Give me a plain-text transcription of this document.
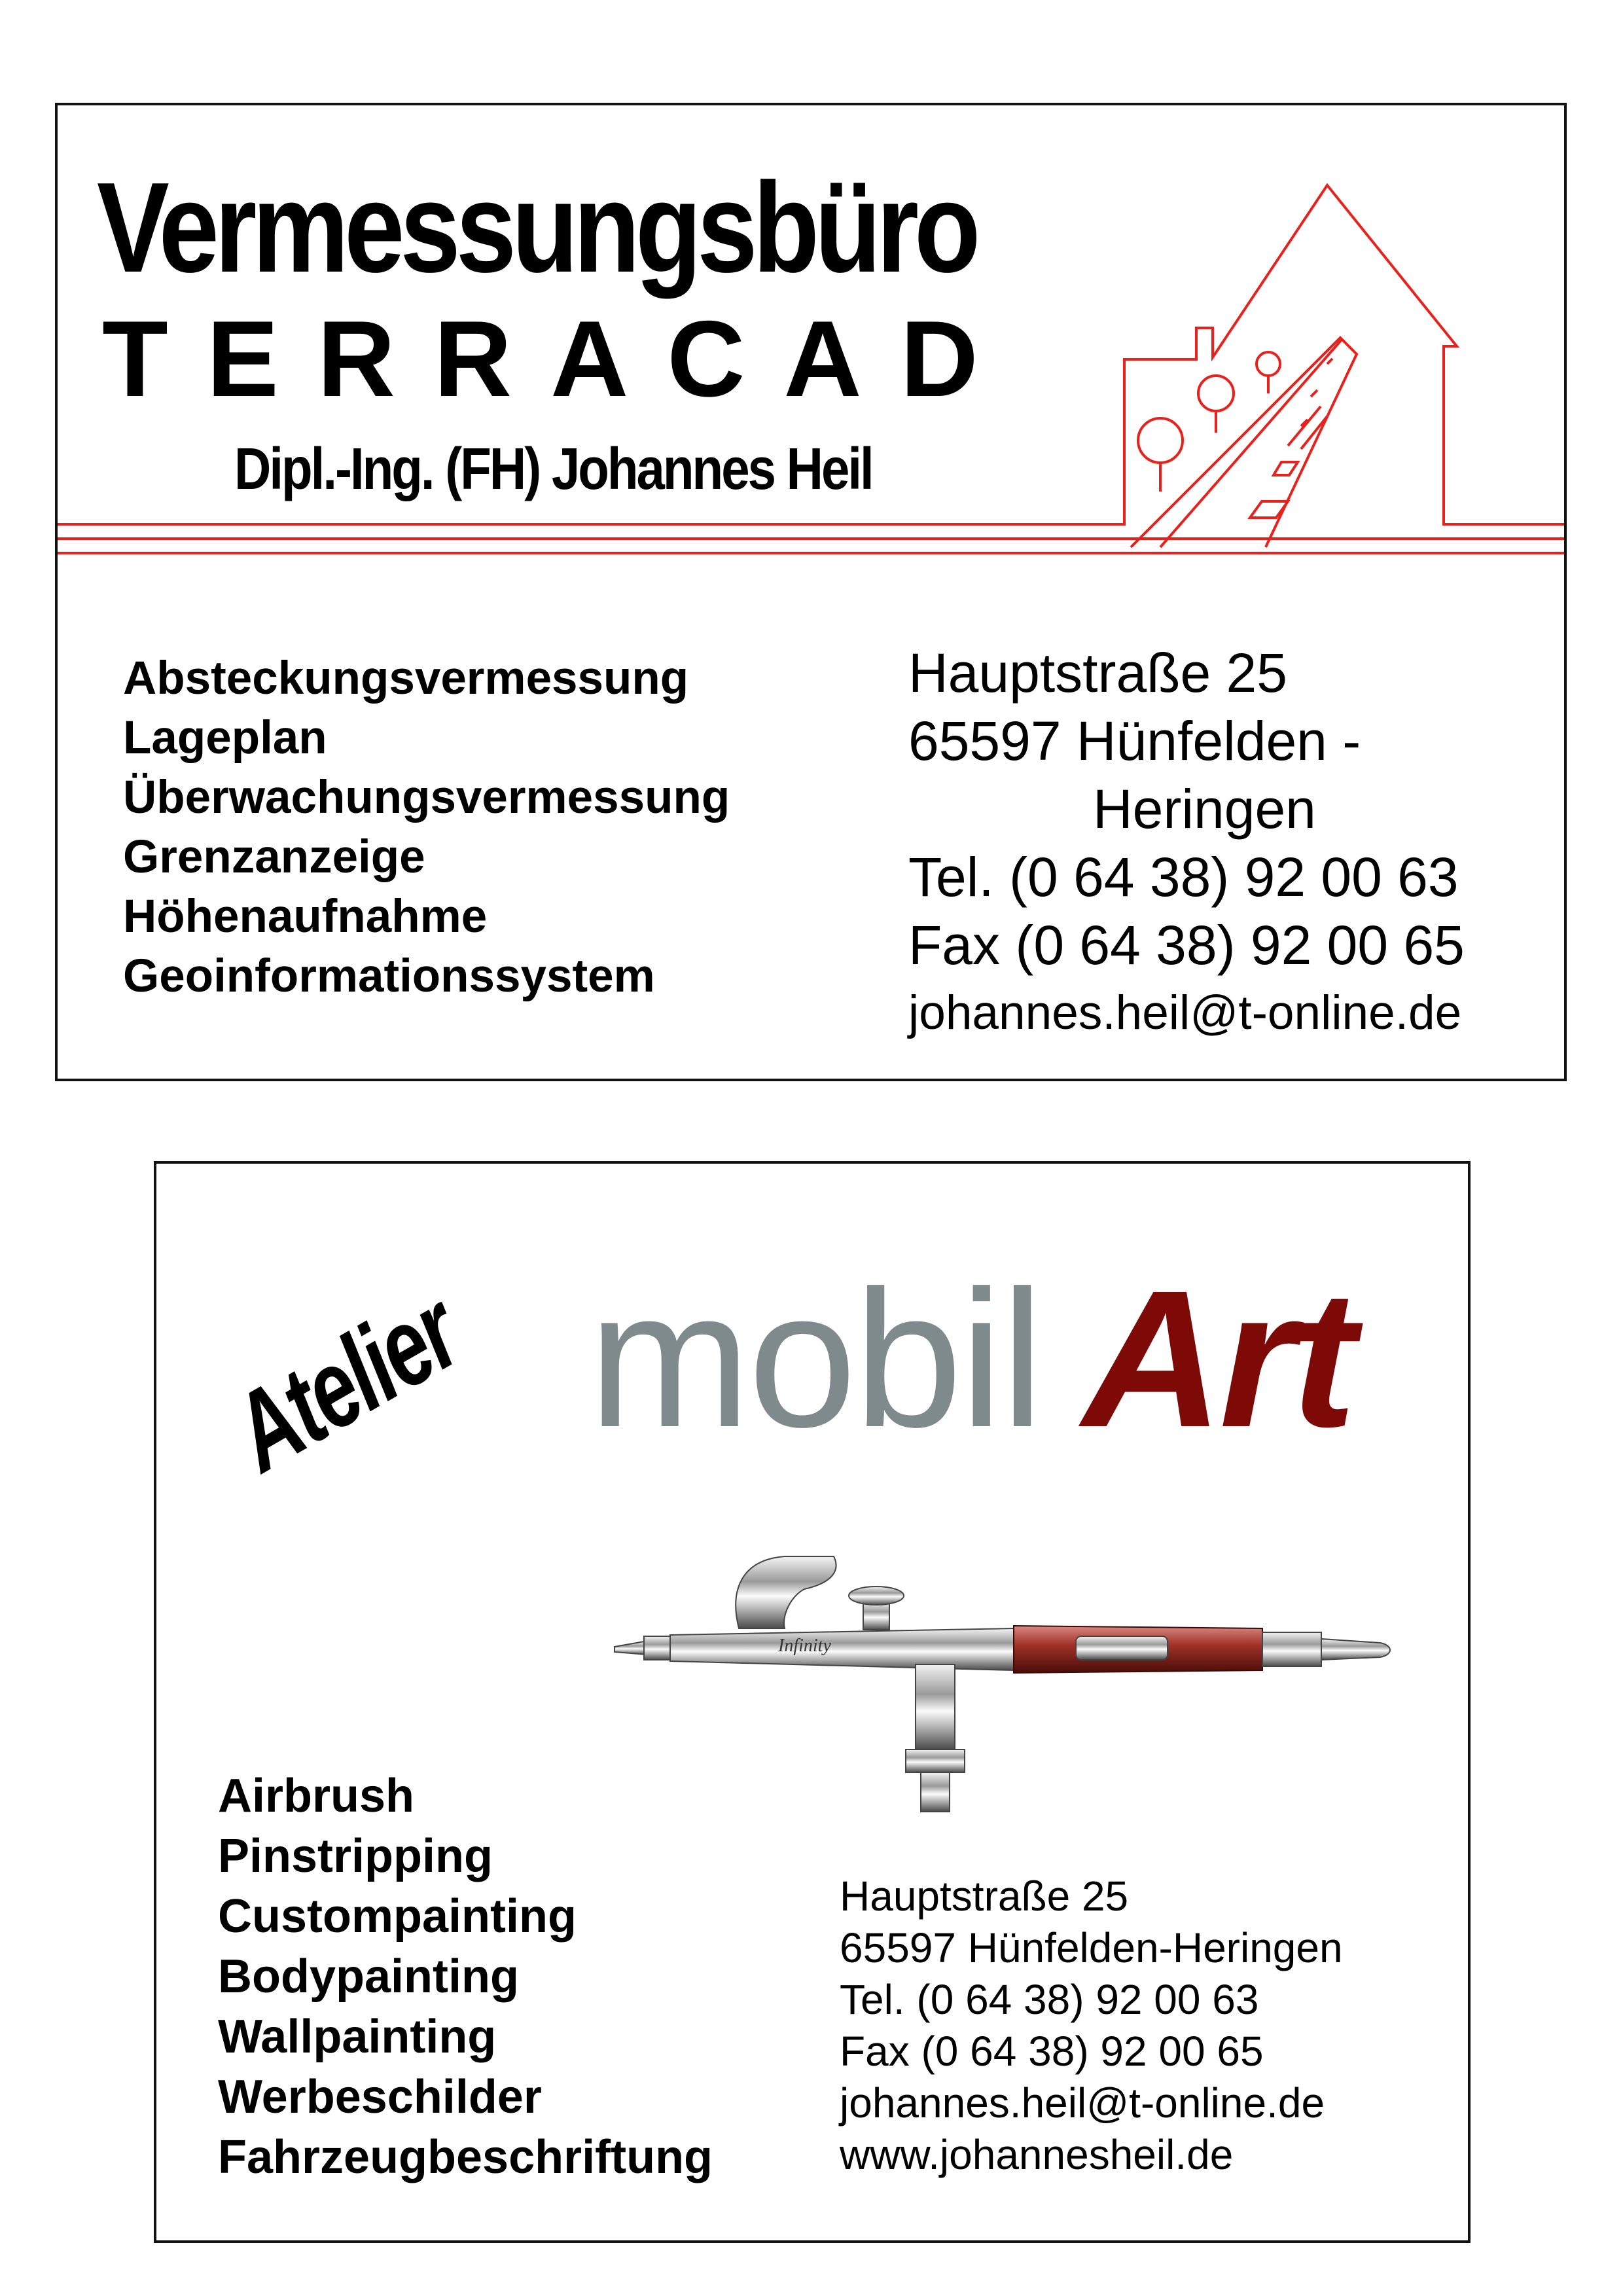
Vermessungsbüro
TERRACAD
Dipl.-Ing. (FH) Johannes Heil
Absteckungsvermessung
Lageplan
Überwachungsvermessung
Grenzanzeige
Höhenaufnahme
Geoinformationssystem
Hauptstraße 25
65597 Hünfelden -
Heringen
Tel. (0 64 38) 92 00 63
Fax (0 64 38) 92 00 65
johannes.heil@t-online.de
Atelier mobil Art
Infinity
Airbrush
Pinstripping
Custompainting
Bodypainting
Wallpainting
Werbeschilder
Fahrzeugbeschriftung
Hauptstraße 25
65597 Hünfelden-Heringen
Tel. (0 64 38) 92 00 63
Fax (0 64 38) 92 00 65
johannes.heil@t-online.de
www.johannesheil.de
